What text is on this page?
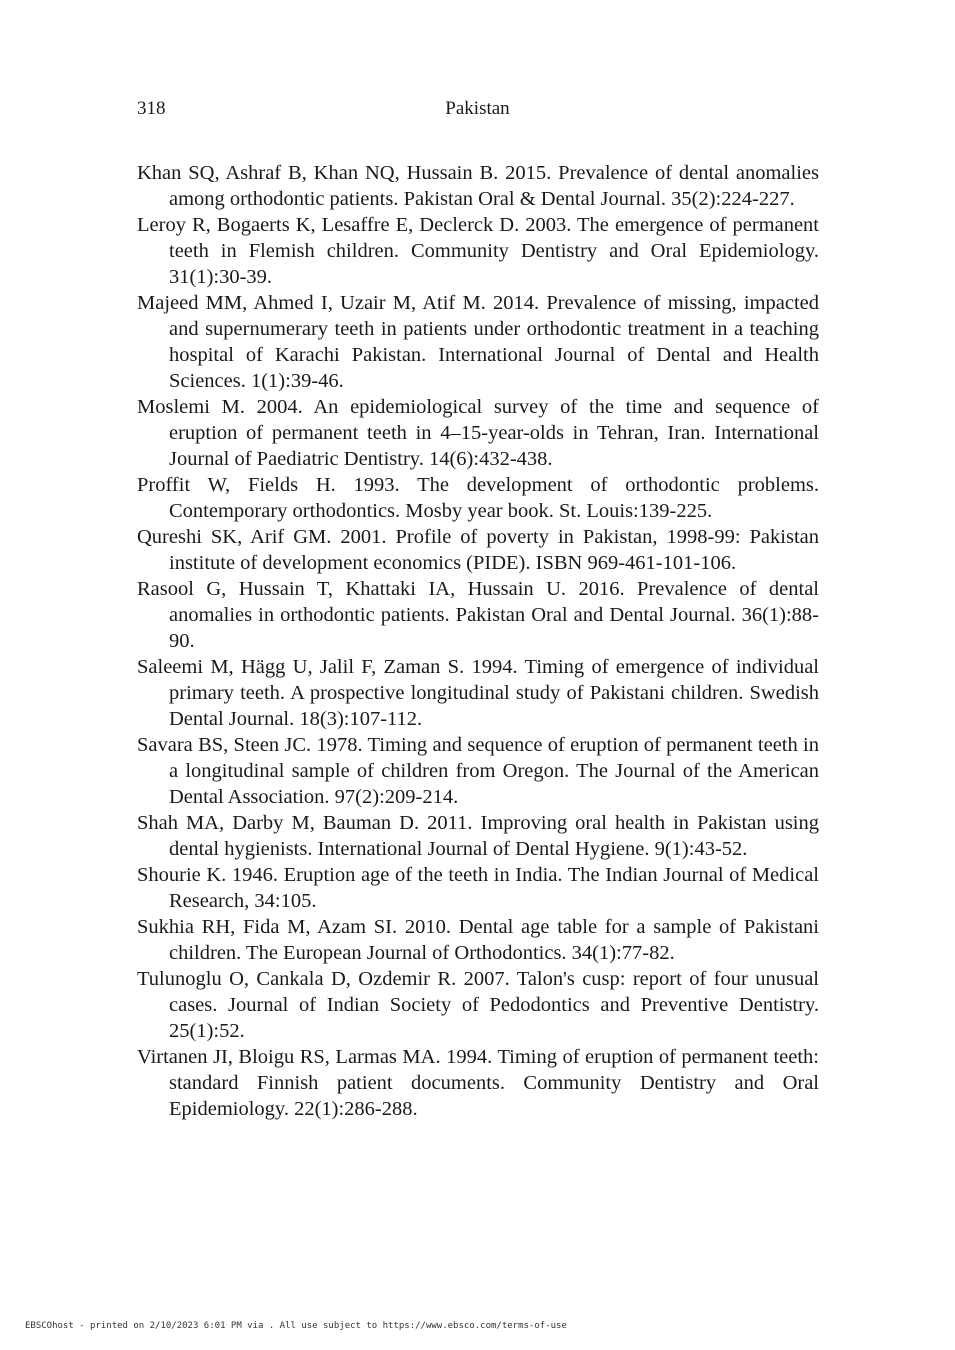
318	Pakistan
Khan SQ, Ashraf B, Khan NQ, Hussain B. 2015. Prevalence of dental anomalies among orthodontic patients. Pakistan Oral & Dental Journal. 35(2):224-227.
Leroy R, Bogaerts K, Lesaffre E, Declerck D. 2003. The emergence of permanent teeth in Flemish children. Community Dentistry and Oral Epidemiology. 31(1):30-39.
Majeed MM, Ahmed I, Uzair M, Atif M. 2014. Prevalence of missing, impacted and supernumerary teeth in patients under orthodontic treatment in a teaching hospital of Karachi Pakistan. International Journal of Dental and Health Sciences. 1(1):39-46.
Moslemi M. 2004. An epidemiological survey of the time and sequence of eruption of permanent teeth in 4–15-year-olds in Tehran, Iran. International Journal of Paediatric Dentistry. 14(6):432-438.
Proffit W, Fields H. 1993. The development of orthodontic problems. Contemporary orthodontics. Mosby year book. St. Louis:139-225.
Qureshi SK, Arif GM. 2001. Profile of poverty in Pakistan, 1998-99: Pakistan institute of development economics (PIDE). ISBN 969-461-101-106.
Rasool G, Hussain T, Khattaki IA, Hussain U. 2016. Prevalence of dental anomalies in orthodontic patients. Pakistan Oral and Dental Journal. 36(1):88-90.
Saleemi M, Hägg U, Jalil F, Zaman S. 1994. Timing of emergence of individual primary teeth. A prospective longitudinal study of Pakistani children. Swedish Dental Journal. 18(3):107-112.
Savara BS, Steen JC. 1978. Timing and sequence of eruption of permanent teeth in a longitudinal sample of children from Oregon. The Journal of the American Dental Association. 97(2):209-214.
Shah MA, Darby M, Bauman D. 2011. Improving oral health in Pakistan using dental hygienists. International Journal of Dental Hygiene. 9(1):43-52.
Shourie K. 1946. Eruption age of the teeth in India. The Indian Journal of Medical Research, 34:105.
Sukhia RH, Fida M, Azam SI. 2010. Dental age table for a sample of Pakistani children. The European Journal of Orthodontics. 34(1):77-82.
Tulunoglu O, Cankala D, Ozdemir R. 2007. Talon's cusp: report of four unusual cases. Journal of Indian Society of Pedodontics and Preventive Dentistry. 25(1):52.
Virtanen JI, Bloigu RS, Larmas MA. 1994. Timing of eruption of permanent teeth: standard Finnish patient documents. Community Dentistry and Oral Epidemiology. 22(1):286-288.
EBSCOhost - printed on 2/10/2023 6:01 PM via . All use subject to https://www.ebsco.com/terms-of-use
